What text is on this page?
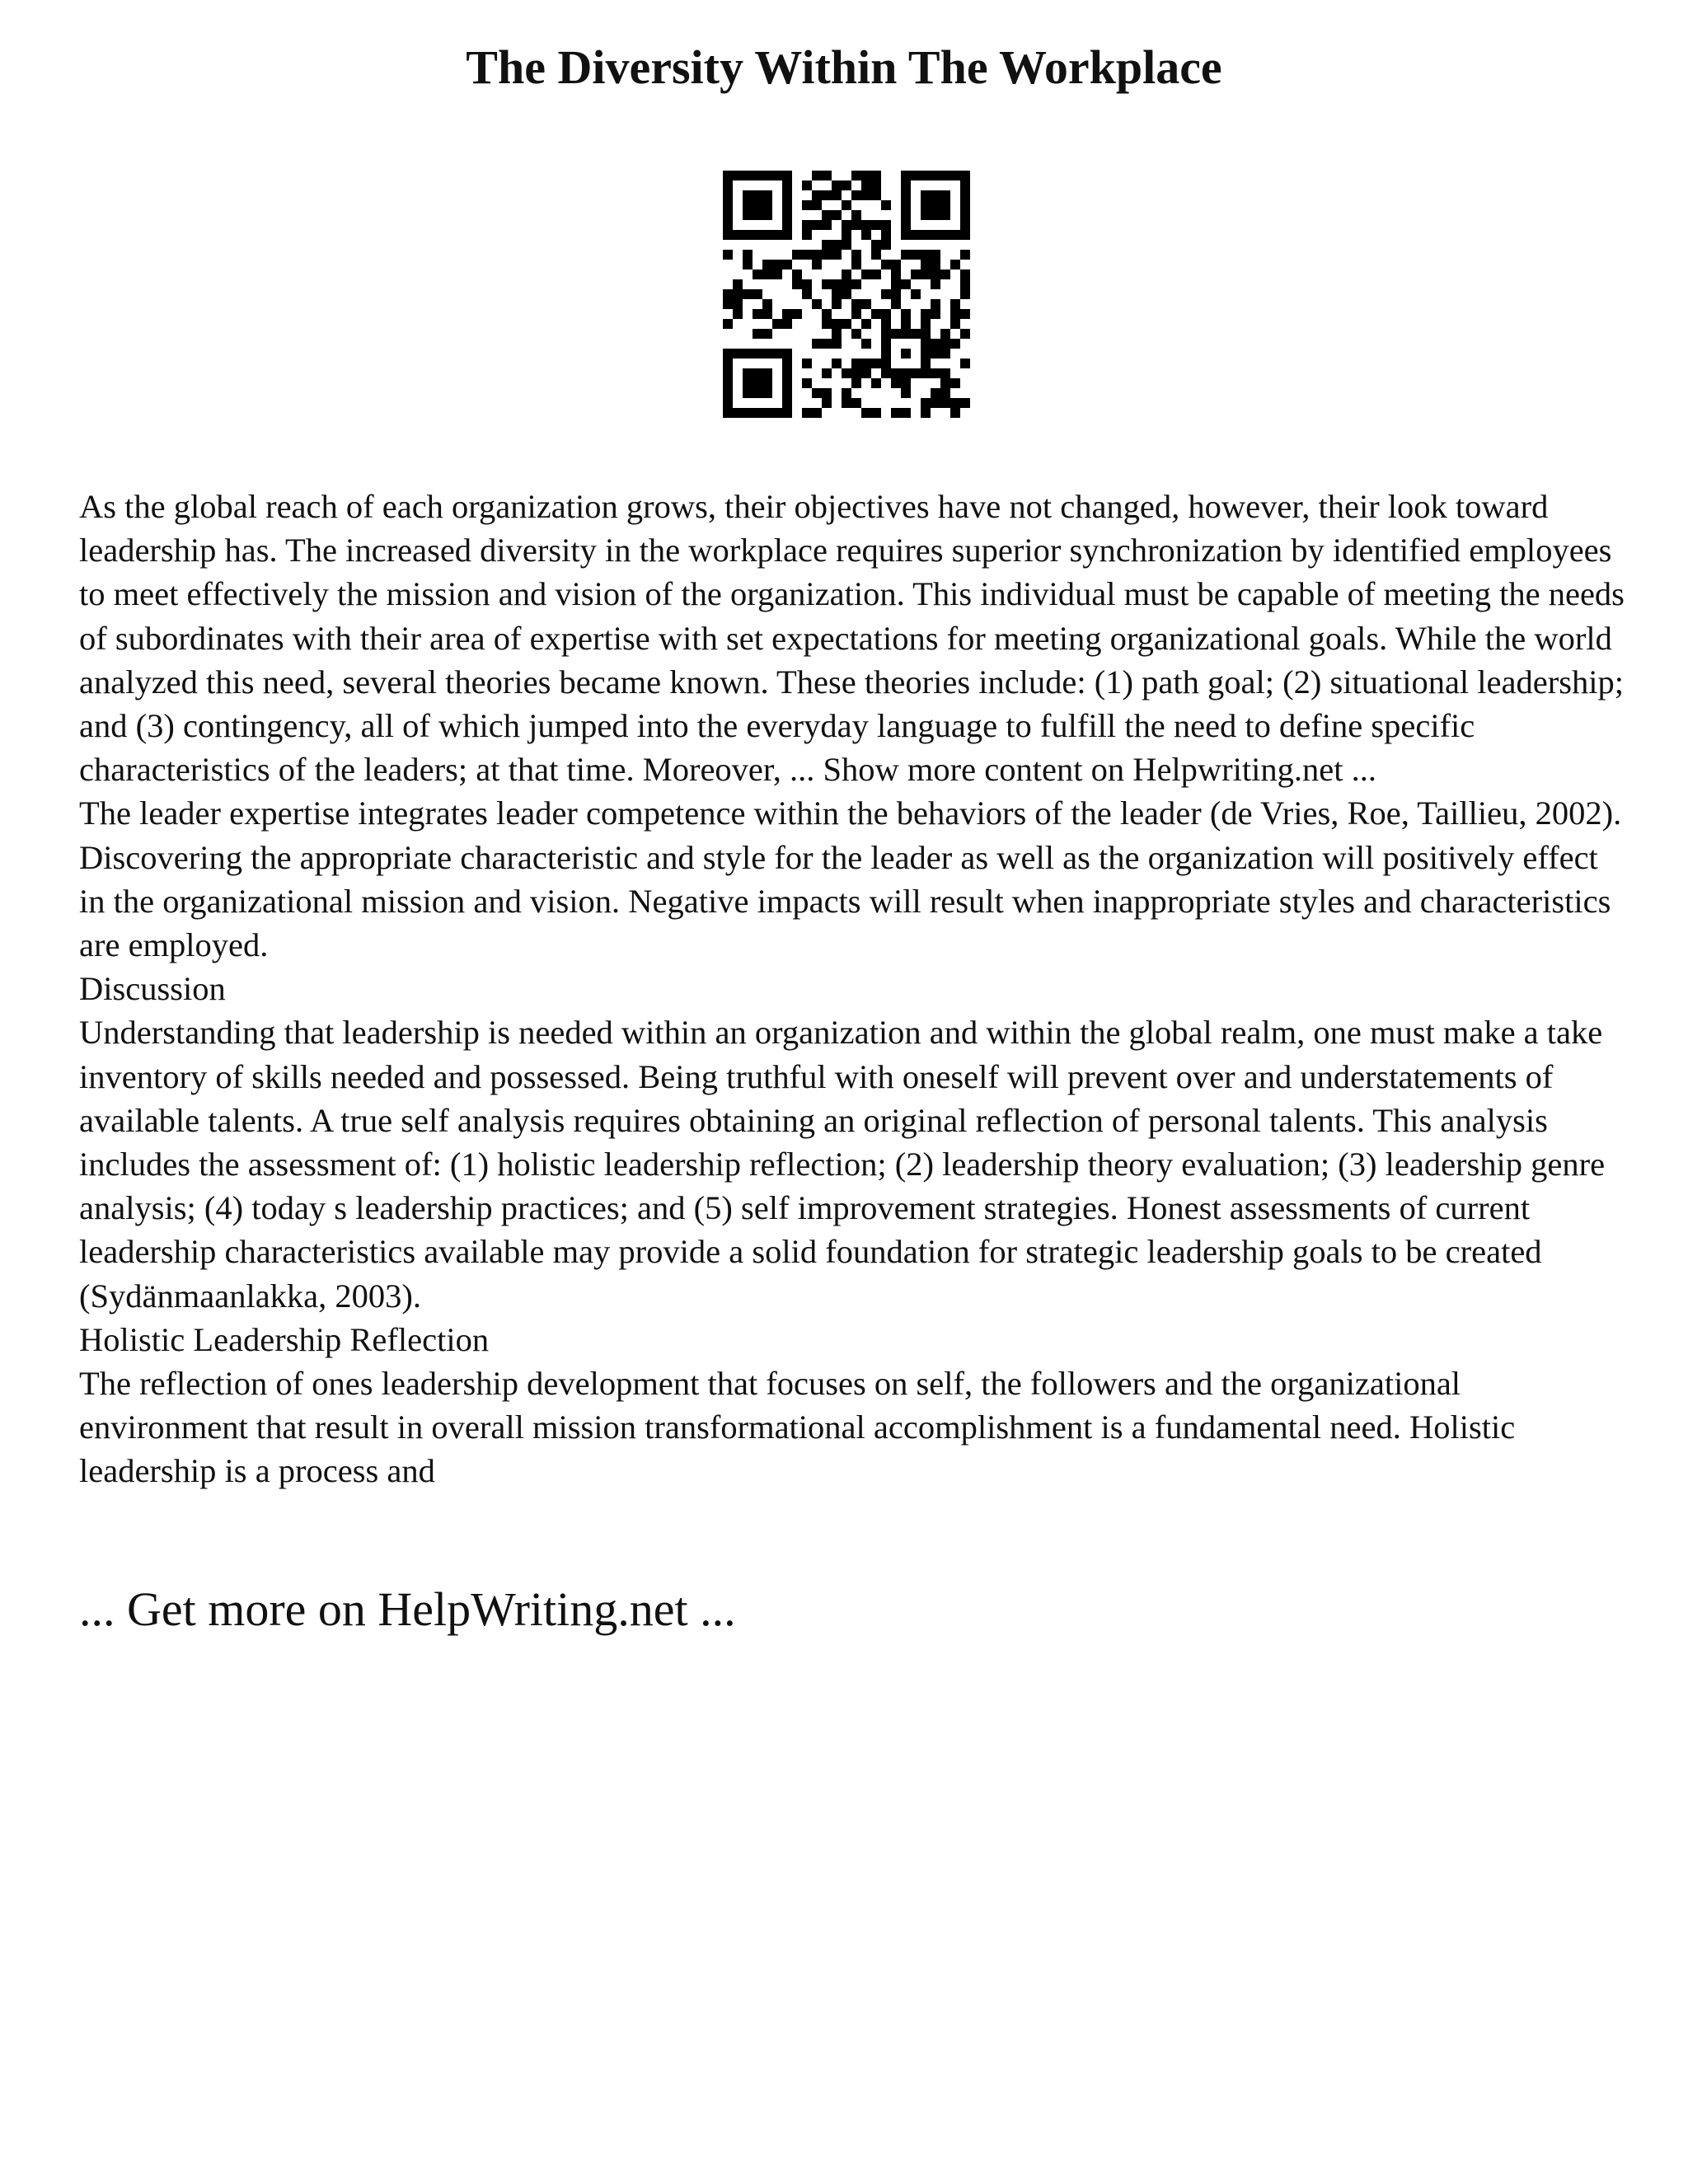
The Diversity Within The Workplace

As the global reach of each organization grows, their objectives have not changed, however, their look toward leadership has. The increased diversity in the workplace requires superior synchronization by identified employees to meet effectively the mission and vision of the organization. This individual must be capable of meeting the needs of subordinates with their area of expertise with set expectations for meeting organizational goals. While the world analyzed this need, several theories became known. These theories include: (1) path goal; (2) situational leadership; and (3) contingency, all of which jumped into the everyday language to fulfill the need to define specific characteristics of the leaders; at that time. Moreover, ... Show more content on Helpwriting.net ...

The leader expertise integrates leader competence within the behaviors of the leader (de Vries, Roe, Taillieu, 2002). Discovering the appropriate characteristic and style for the leader as well as the organization will positively effect in the organizational mission and vision. Negative impacts will result when inappropriate styles and characteristics are employed.

Discussion

Understanding that leadership is needed within an organization and within the global realm, one must make a take inventory of skills needed and possessed. Being truthful with oneself will prevent over and understatements of available talents. A true self analysis requires obtaining an original reflection of personal talents. This analysis includes the assessment of: (1) holistic leadership reflection; (2) leadership theory evaluation; (3) leadership genre analysis; (4) today s leadership practices; and (5) self improvement strategies. Honest assessments of current leadership characteristics available may provide a solid foundation for strategic leadership goals to be created (Sydänmaanlakka, 2003).

Holistic Leadership Reflection

The reflection of ones leadership development that focuses on self, the followers and the organizational environment that result in overall mission transformational accomplishment is a fundamental need. Holistic leadership is a process and

... Get more on HelpWriting.net ...
